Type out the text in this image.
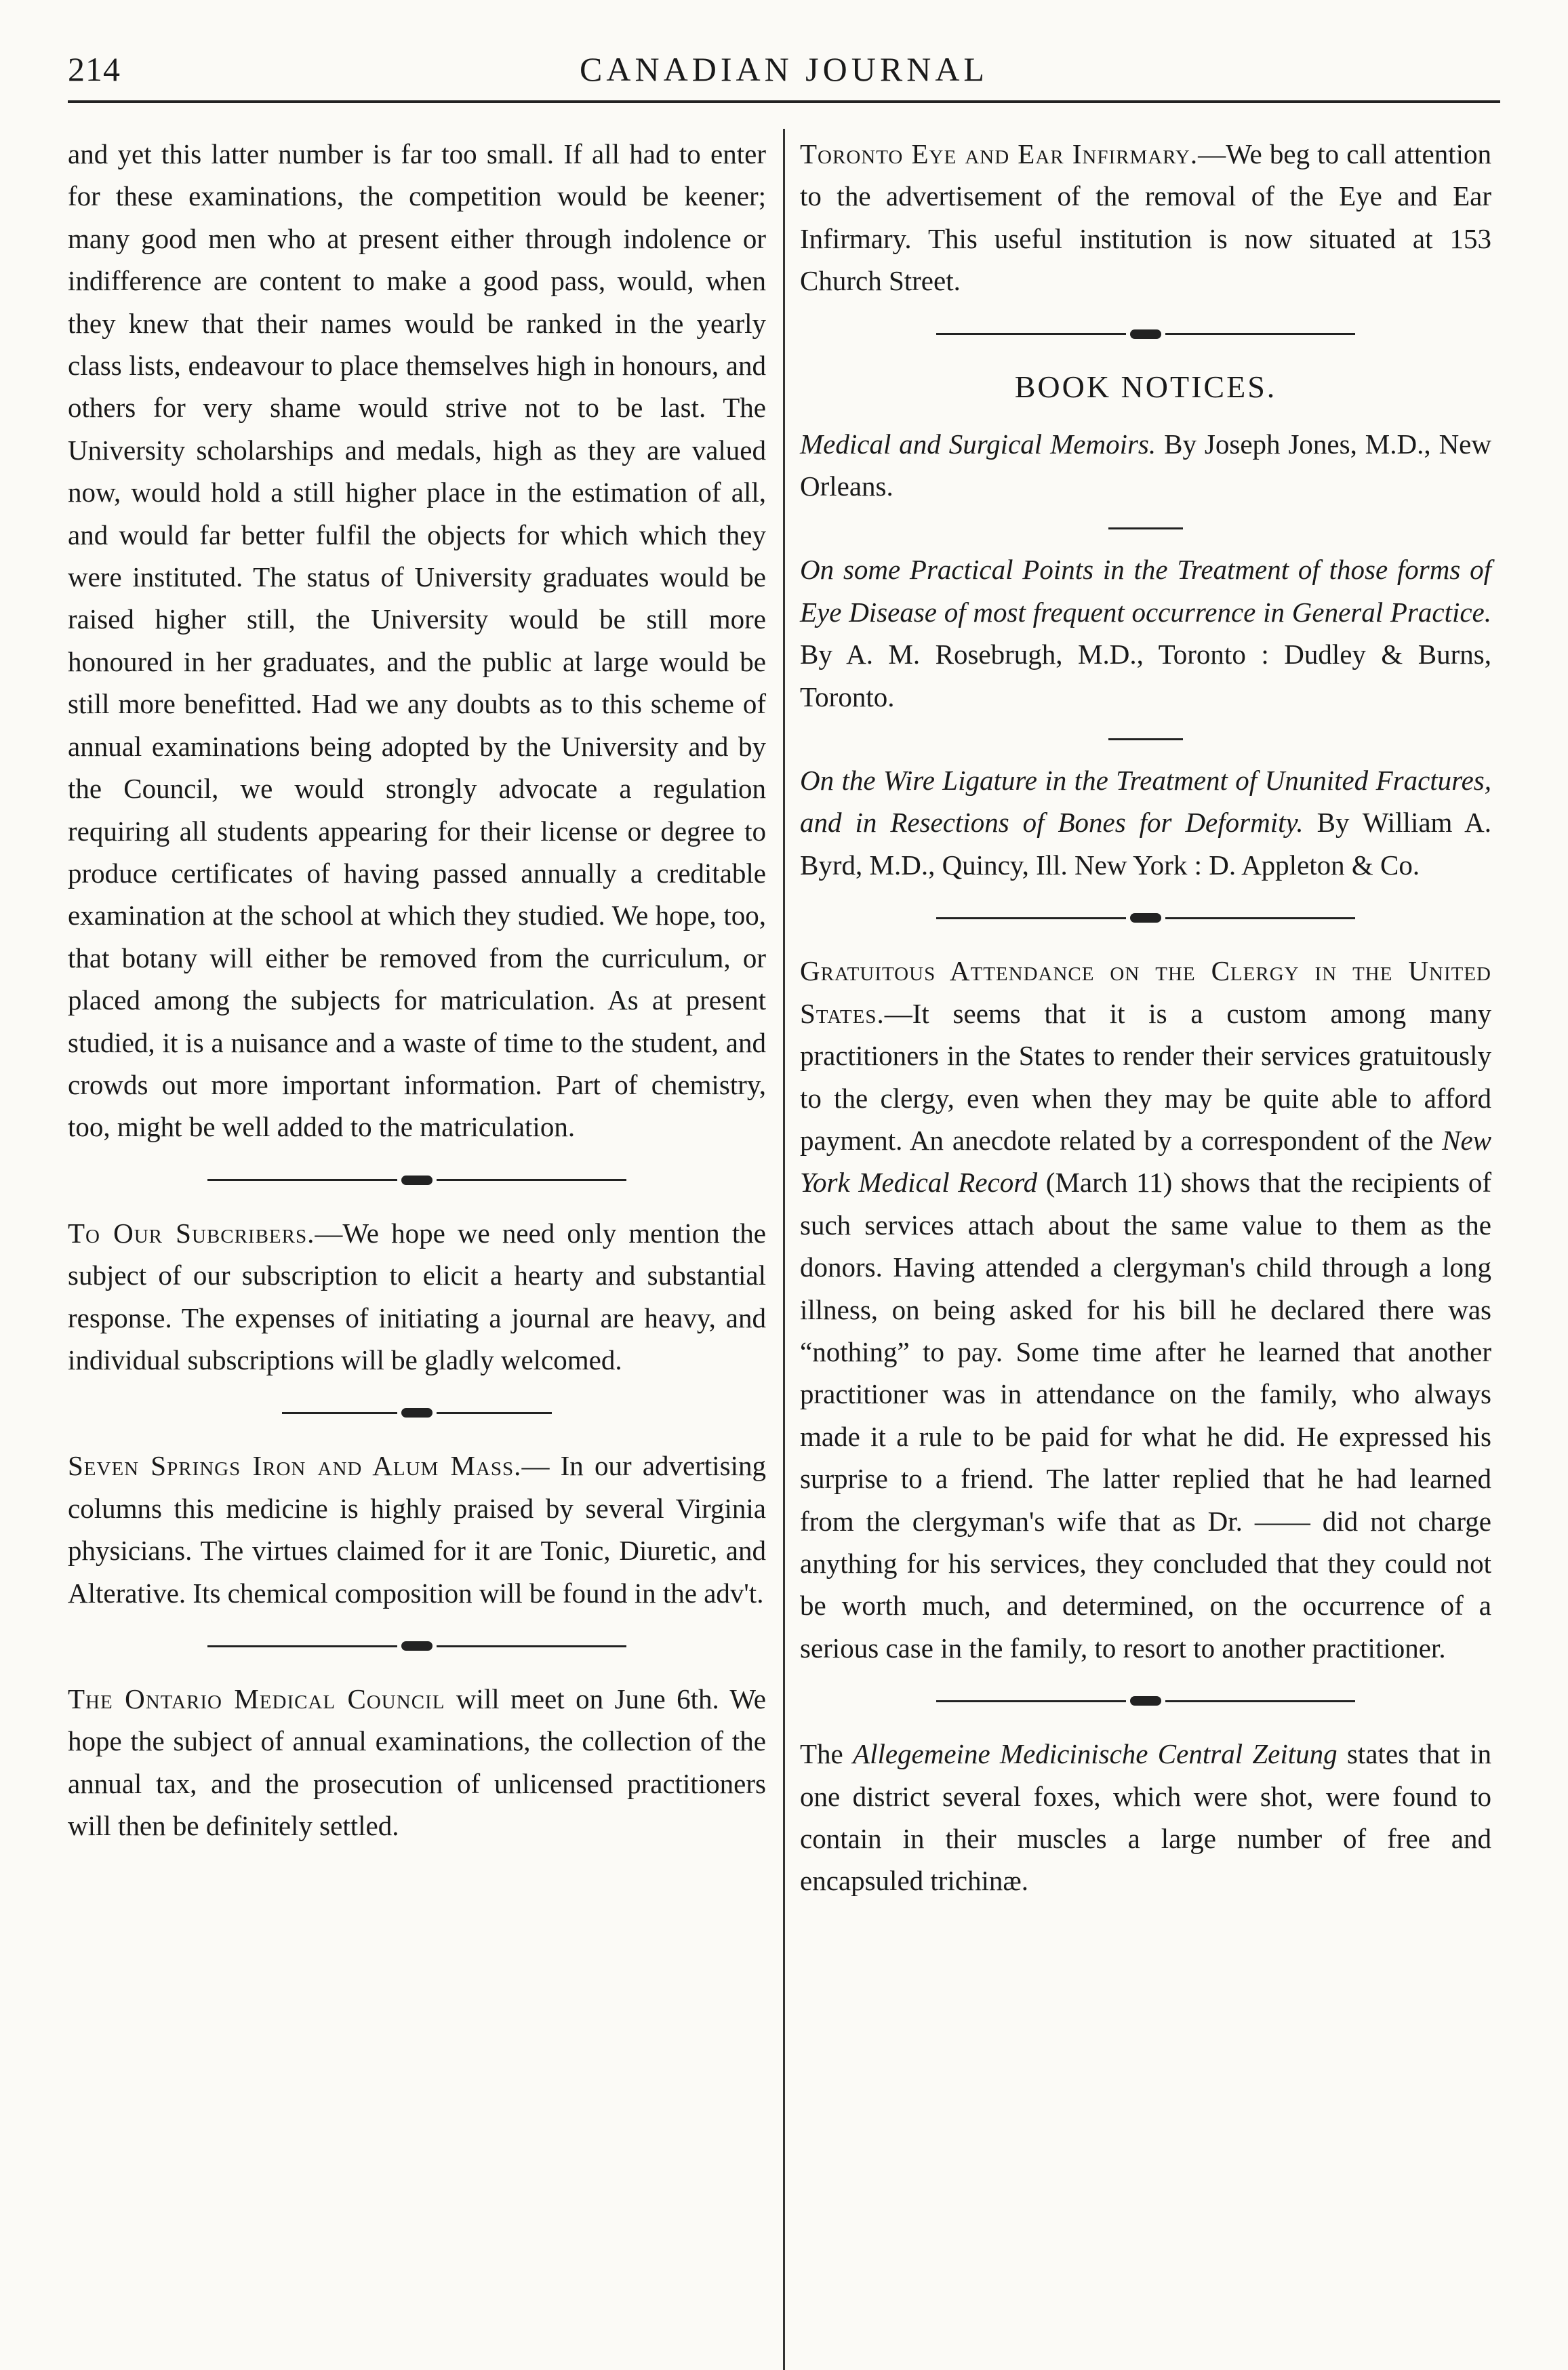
214	CANADIAN JOURNAL

and yet this latter number is far too small. If all had to enter for these examinations, the competition would be keener; many good men who at present either through indolence or indifference are content to make a good pass, would, when they knew that their names would be ranked in the yearly class lists, endeavour to place themselves high in honours, and others for very shame would strive not to be last. The University scholarships and medals, high as they are valued now, would hold a still higher place in the estimation of all, and would far better fulfil the objects for which which they were instituted. The status of University graduates would be raised higher still, the University would be still more honoured in her graduates, and the public at large would be still more benefitted. Had we any doubts as to this scheme of annual examinations being adopted by the University and by the Council, we would strongly advocate a regulation requiring all students appearing for their license or degree to produce certificates of having passed annually a creditable examination at the school at which they studied. We hope, too, that botany will either be removed from the curriculum, or placed among the subjects for matriculation. As at present studied, it is a nuisance and a waste of time to the student, and crowds out more important information. Part of chemistry, too, might be well added to the matriculation.

To Our Subcribers.—We hope we need only mention the subject of our subscription to elicit a hearty and substantial response. The expenses of initiating a journal are heavy, and individual subscriptions will be gladly welcomed.

Seven Springs Iron and Alum Mass.— In our advertising columns this medicine is highly praised by several Virginia physicians. The virtues claimed for it are Tonic, Diuretic, and Alterative. Its chemical composition will be found in the adv't.

The Ontario Medical Council will meet on June 6th. We hope the subject of annual examinations, the collection of the annual tax, and the prosecution of unlicensed practitioners will then be definitely settled.

Toronto Eye and Ear Infirmary.—We beg to call attention to the advertisement of the removal of the Eye and Ear Infirmary. This useful institution is now situated at 153 Church Street.

BOOK NOTICES.

Medical and Surgical Memoirs. By Joseph Jones, M.D., New Orleans.

On some Practical Points in the Treatment of those forms of Eye Disease of most frequent occurrence in General Practice. By A. M. Rosebrugh, M.D., Toronto : Dudley & Burns, Toronto.

On the Wire Ligature in the Treatment of Ununited Fractures, and in Resections of Bones for Deformity. By William A. Byrd, M.D., Quincy, Ill. New York : D. Appleton & Co.

Gratuitous Attendance on the Clergy in the United States.—It seems that it is a custom among many practitioners in the States to render their services gratuitously to the clergy, even when they may be quite able to afford payment. An anecdote related by a correspondent of the New York Medical Record (March 11) shows that the recipients of such services attach about the same value to them as the donors. Having attended a clergyman's child through a long illness, on being asked for his bill he declared there was “nothing” to pay. Some time after he learned that another practitioner was in attendance on the family, who always made it a rule to be paid for what he did. He expressed his surprise to a friend. The latter replied that he had learned from the clergyman's wife that as Dr. —— did not charge anything for his services, they concluded that they could not be worth much, and determined, on the occurrence of a serious case in the family, to resort to another practitioner.

The Allegemeine Medicinische Central Zeitung states that in one district several foxes, which were shot, were found to contain in their muscles a large number of free and encapsuled trichinæ.
